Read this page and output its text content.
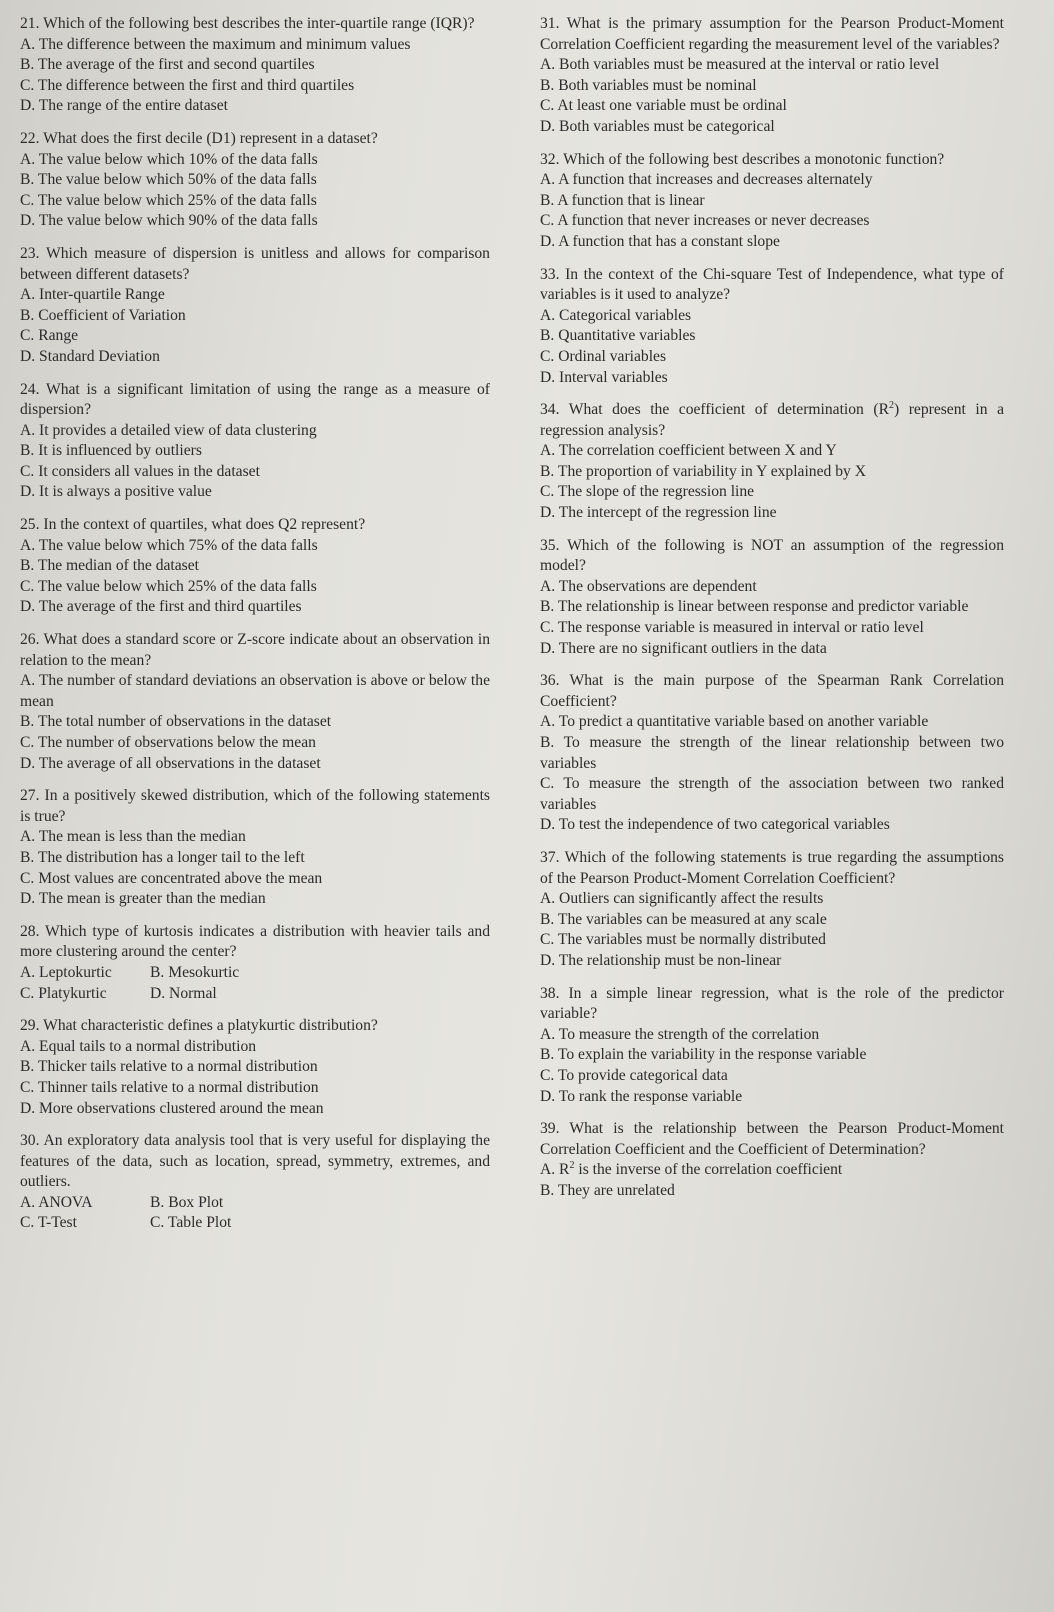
21. Which of the following best describes the inter-quartile range (IQR)?
A. The difference between the maximum and minimum values
B. The average of the first and second quartiles
C. The difference between the first and third quartiles
D. The range of the entire dataset
22. What does the first decile (D1) represent in a dataset?
A. The value below which 10% of the data falls
B. The value below which 50% of the data falls
C. The value below which 25% of the data falls
D. The value below which 90% of the data falls
23. Which measure of dispersion is unitless and allows for comparison between different datasets?
A. Inter-quartile Range
B. Coefficient of Variation
C. Range
D. Standard Deviation
24. What is a significant limitation of using the range as a measure of dispersion?
A. It provides a detailed view of data clustering
B. It is influenced by outliers
C. It considers all values in the dataset
D. It is always a positive value
25. In the context of quartiles, what does Q2 represent?
A. The value below which 75% of the data falls
B. The median of the dataset
C. The value below which 25% of the data falls
D. The average of the first and third quartiles
26. What does a standard score or Z-score indicate about an observation in relation to the mean?
A. The number of standard deviations an observation is above or below the mean
B. The total number of observations in the dataset
C. The number of observations below the mean
D. The average of all observations in the dataset
27. In a positively skewed distribution, which of the following statements is true?
A. The mean is less than the median
B. The distribution has a longer tail to the left
C. Most values are concentrated above the mean
D. The mean is greater than the median
28. Which type of kurtosis indicates a distribution with heavier tails and more clustering around the center?
A. Leptokurtic	B. Mesokurtic
C. Platykurtic	D. Normal
29. What characteristic defines a platykurtic distribution?
A. Equal tails to a normal distribution
B. Thicker tails relative to a normal distribution
C. Thinner tails relative to a normal distribution
D. More observations clustered around the mean
30. An exploratory data analysis tool that is very useful for displaying the features of the data, such as location, spread, symmetry, extremes, and outliers.
A. ANOVA	B. Box Plot
C. T-Test	C. Table Plot
31. What is the primary assumption for the Pearson Product-Moment Correlation Coefficient regarding the measurement level of the variables?
A. Both variables must be measured at the interval or ratio level
B. Both variables must be nominal
C. At least one variable must be ordinal
D. Both variables must be categorical
32. Which of the following best describes a monotonic function?
A. A function that increases and decreases alternately
B. A function that is linear
C. A function that never increases or never decreases
D. A function that has a constant slope
33. In the context of the Chi-square Test of Independence, what type of variables is it used to analyze?
A. Categorical variables
B. Quantitative variables
C. Ordinal variables
D. Interval variables
34. What does the coefficient of determination $(R^2)$ represent in a regression analysis?
A. The correlation coefficient between X and Y
B. The proportion of variability in Y explained by X
C. The slope of the regression line
D. The intercept of the regression line
35. Which of the following is NOT an assumption of the regression model?
A. The observations are dependent
B. The relationship is linear between response and predictor variable
C. The response variable is measured in interval or ratio level
D. There are no significant outliers in the data
36. What is the main purpose of the Spearman Rank Correlation Coefficient?
A. To predict a quantitative variable based on another variable
B. To measure the strength of the linear relationship between two variables
C. To measure the strength of the association between two ranked variables
D. To test the independence of two categorical variables
37. Which of the following statements is true regarding the assumptions of the Pearson Product-Moment Correlation Coefficient?
A. Outliers can significantly affect the results
B. The variables can be measured at any scale
C. The variables must be normally distributed
D. The relationship must be non-linear
38. In a simple linear regression, what is the role of the predictor variable?
A. To measure the strength of the correlation
B. To explain the variability in the response variable
C. To provide categorical data
D. To rank the response variable
39. What is the relationship between the Pearson Product-Moment Correlation Coefficient and the Coefficient of Determination?
A. $R^2$ is the inverse of the correlation coefficient
B. They are unrelated
